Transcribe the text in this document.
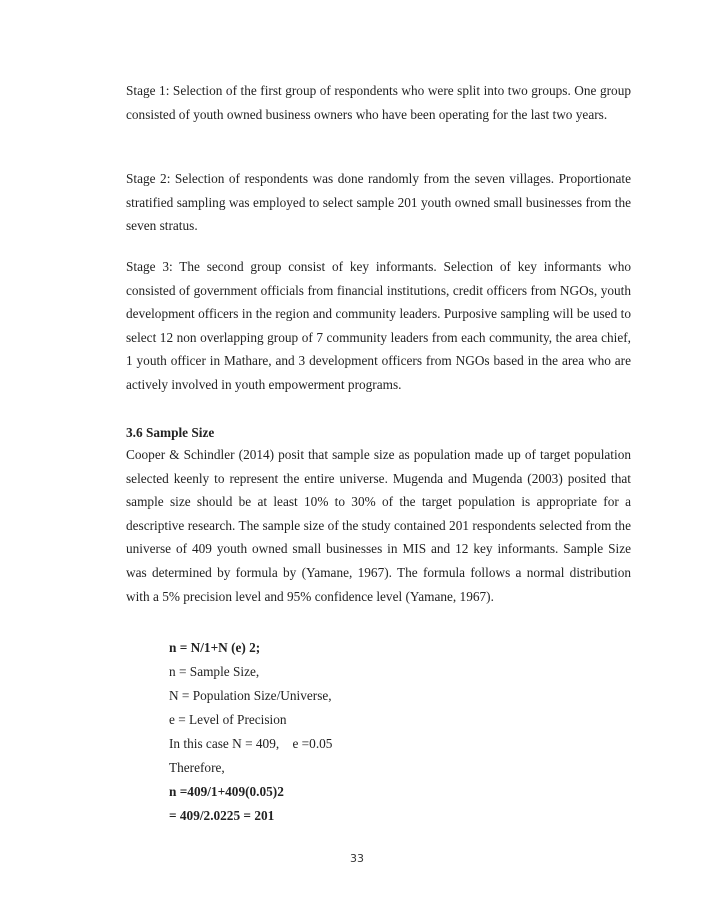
Stage 1: Selection of the first group of respondents who were split into two groups. One group consisted of youth owned business owners who have been operating for the last two years.

Stage 2: Selection of respondents was done randomly from the seven villages. Proportionate stratified sampling was employed to select sample 201 youth owned small businesses from the seven stratus.

Stage 3: The second group consist of key informants. Selection of key informants who consisted of government officials from financial institutions, credit officers from NGOs, youth development officers in the region and community leaders. Purposive sampling will be used to select 12 non overlapping group of 7 community leaders from each community, the area chief, 1 youth officer in Mathare, and 3 development officers from NGOs based in the area who are actively involved in youth empowerment programs.

3.6 Sample Size

Cooper & Schindler (2014) posit that sample size as population made up of target population selected keenly to represent the entire universe. Mugenda and Mugenda (2003) posited that sample size should be at least 10% to 30% of the target population is appropriate for a descriptive research. The sample size of the study contained 201 respondents selected from the universe of 409 youth owned small businesses in MIS and 12 key informants. Sample Size was determined by formula by (Yamane, 1967). The formula follows a normal distribution with a 5% precision level and 95% confidence level (Yamane, 1967).

n = N/1+N (e) 2;

n = Sample Size,

N = Population Size/Universe,

e = Level of Precision

In this case N = 409,    e =0.05

Therefore,

n =409/1+409(0.05)2

= 409/2.0225 = 201

33
